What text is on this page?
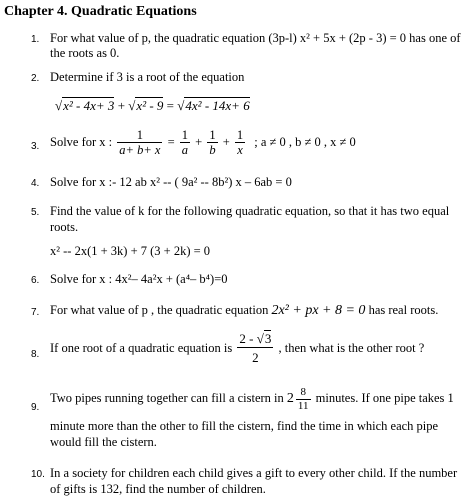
Chapter 4. Quadratic Equations
1. For what value of p, the quadratic equation (3p-l) x² + 5x + (2p - 3) = 0 has one of
the roots as 0.
2. Determine if 3 is a root of the equation
√x² - 4x+ 3 + √x² - 9 = √4x² - 14x+ 6
3. Solve for x : $\frac{1}{a+ b+ x} = \frac{1}{a} + \frac{1}{b} + \frac{1}{x}$ ; a ≠ 0 , b ≠ 0 , x ≠ 0
4. Solve for x :- 12 ab x² -- ( 9a² -- 8b²) x – 6ab = 0
5. Find the value of k for the following quadratic equation, so that it has two equal
roots.
x² -- 2x(1 + 3k) + 7 (3 + 2k) = 0
6. Solve for x : 4x²– 4a²x + (a⁴– b⁴)=0
7. For what value of p , the quadratic equation 2x² + px + 8 = 0 has real roots.
8. If one root of a quadratic equation is $\frac{2 - √3}{2}$ , then what is the other root ?
9.
Two pipes running together can fill a cistern in $2 \frac{8}{11}$ minutes. If one pipe takes 1
minute more than the other to fill the cistern, find the time in which each pipe
would fill the cistern.
10. In a society for children each child gives a gift to every other child. If the number
of gifts is 132, find the number of children.
